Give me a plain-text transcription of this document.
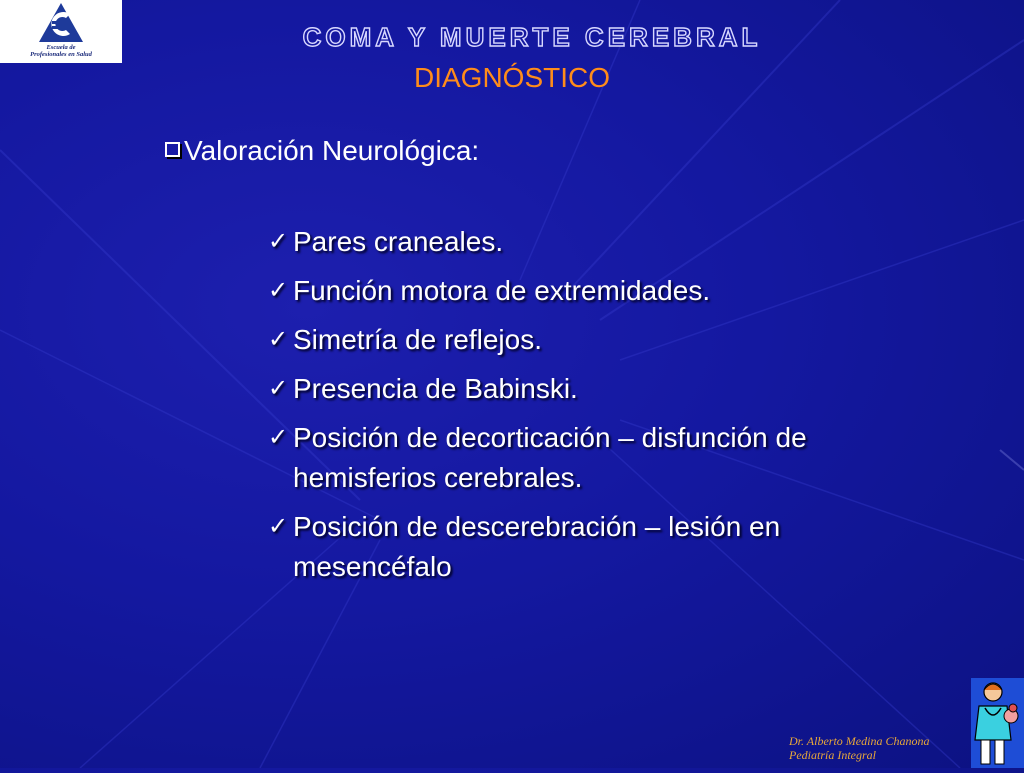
Escuela de
Profesionales en Salud
COMA Y MUERTE CEREBRAL
DIAGNÓSTICO
Valoración Neurológica:
✓ Pares craneales.
✓ Función motora de extremidades.
✓ Simetría de reflejos.
✓ Presencia de Babinski.
✓ Posición de decorticación – disfunción de
hemisferios cerebrales.
✓ Posición de descerebración – lesión en
mesencéfalo
Dr. Alberto Medina Chanona
Pediatría Integral
